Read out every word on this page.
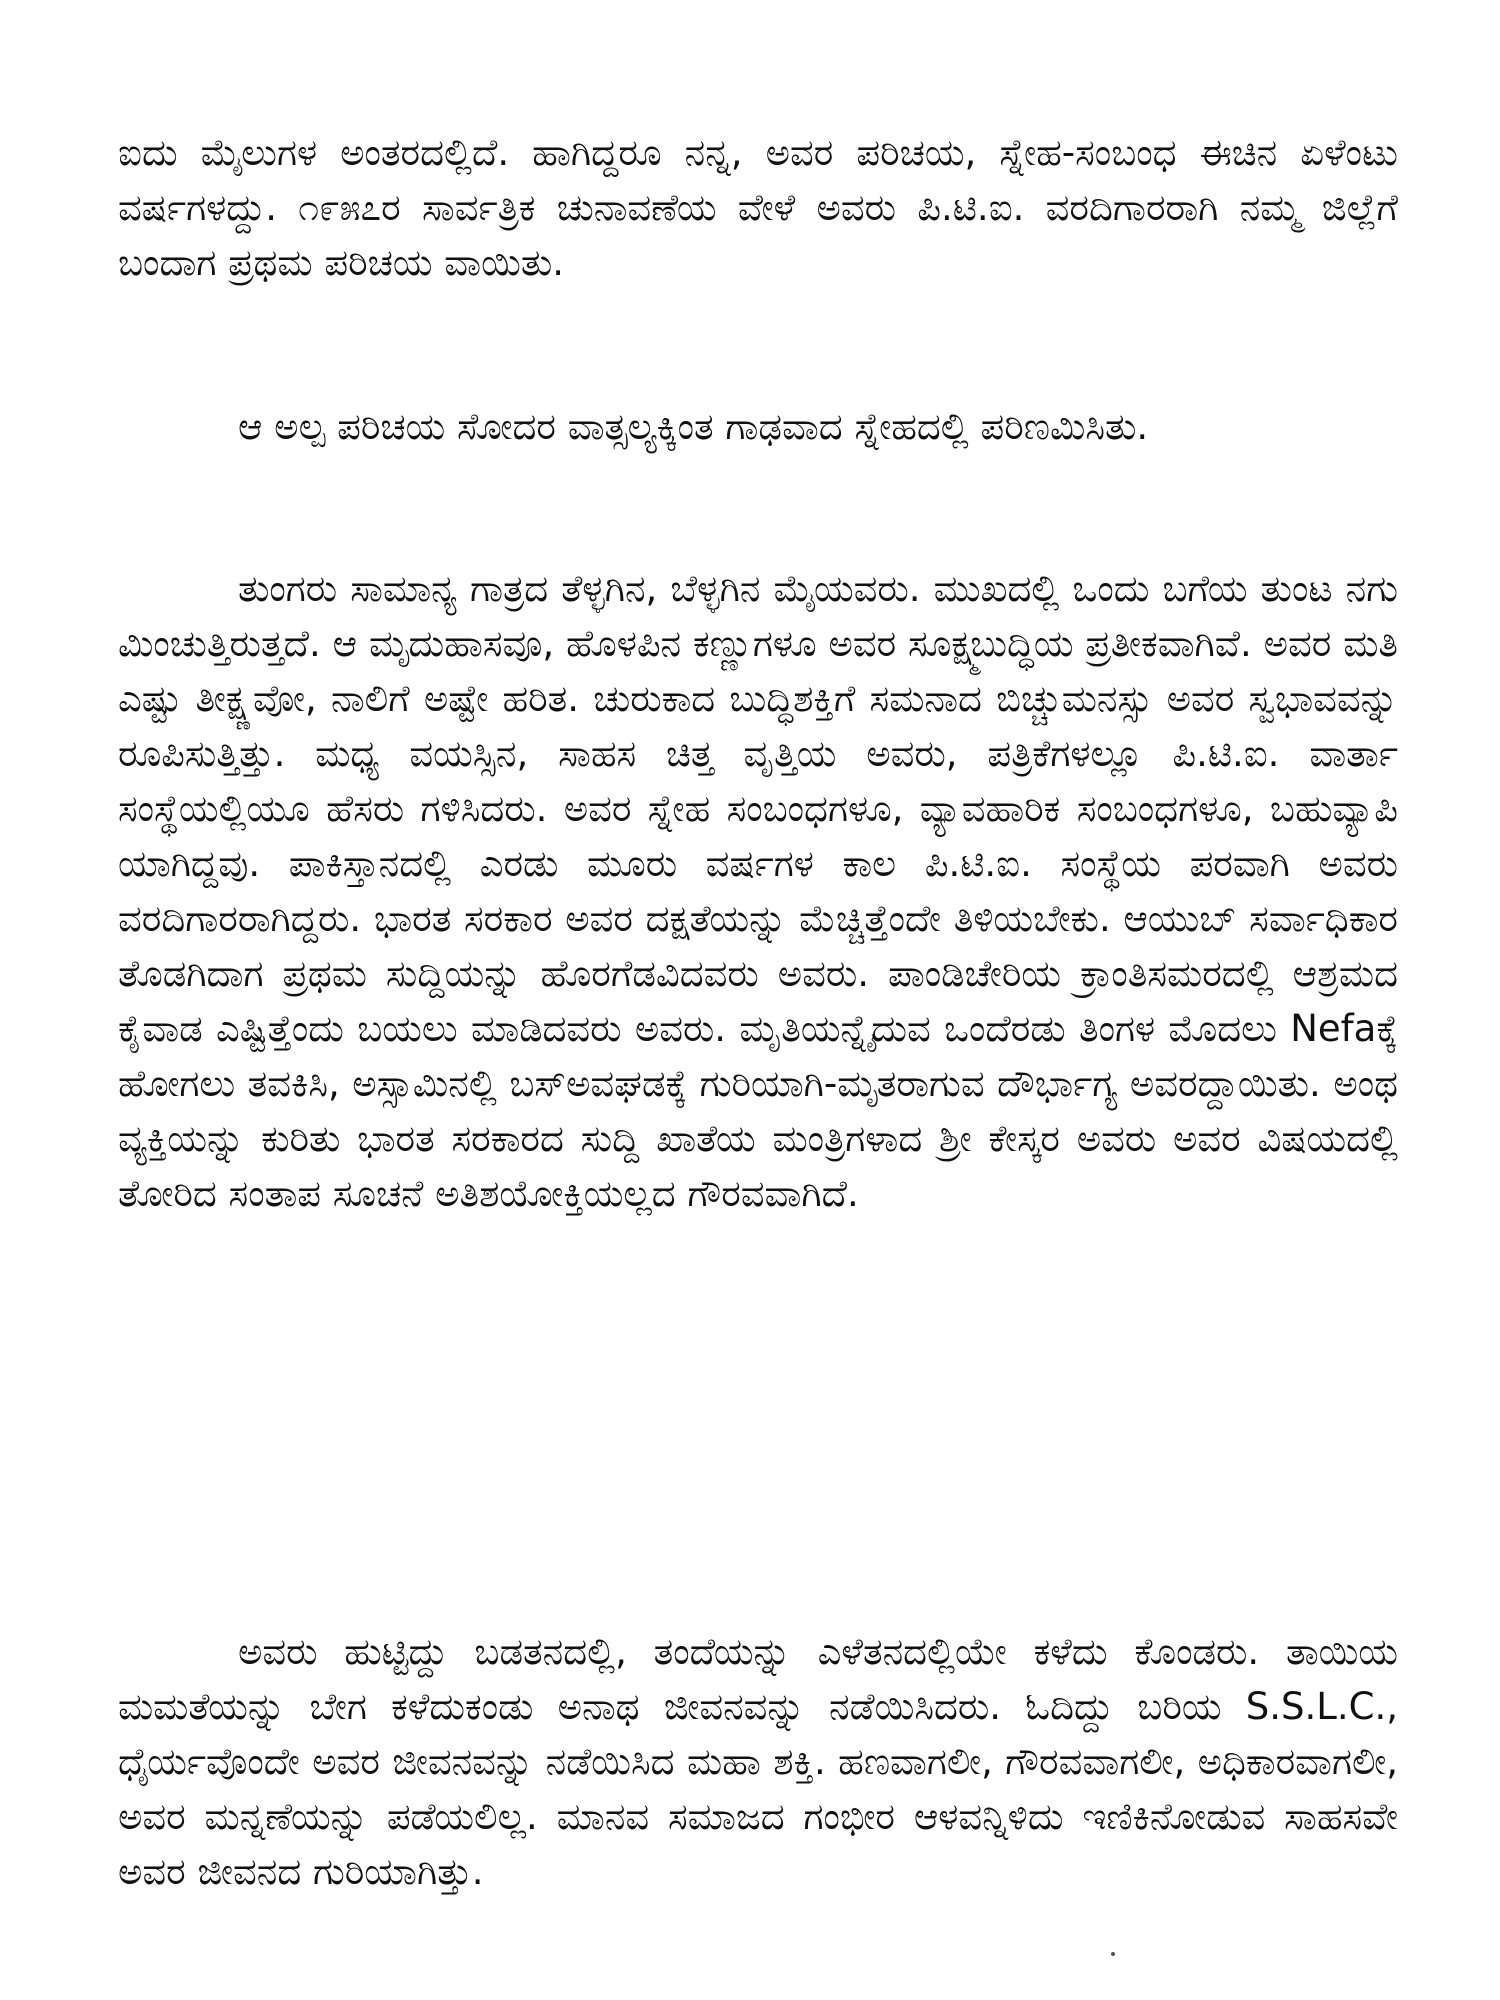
ಐದು ಮೈಲುಗಳ ಅಂತರದಲ್ಲಿದೆ. ಹಾಗಿದ್ದರೂ ನನ್ನ, ಅವರ ಪರಿಚಯ, ಸ್ನೇಹ-ಸಂಬಂಧ ಈಚಿನ ಏಳೆಂಟು ವರ್ಷಗಳದ್ದು. ೧೯೫೭ರ ಸಾರ್ವತ್ರಿಕ ಚುನಾವಣೆಯ ವೇಳೆ ಅವರು ಪಿ.ಟಿ.ಐ. ವರದಿಗಾರರಾಗಿ ನಮ್ಮ ಜಿಲ್ಲೆಗೆ ಬಂದಾಗ ಪ್ರಥಮ ಪರಿಚಯ ವಾಯಿತು.

ಆ ಅಲ್ಪ ಪರಿಚಯ ಸೋದರ ವಾತ್ಸಲ್ಯಕ್ಕಿಂತ ಗಾಢವಾದ ಸ್ನೇಹದಲ್ಲಿ ಪರಿಣಮಿಸಿತು.

ತುಂಗರು ಸಾಮಾನ್ಯ ಗಾತ್ರದ ತೆಳ್ಳಗಿನ, ಬೆಳ್ಳಗಿನ ಮೈಯವರು. ಮುಖದಲ್ಲಿ ಒಂದು ಬಗೆಯ ತುಂಟ ನಗು ಮಿಂಚುತ್ತಿರುತ್ತದೆ. ಆ ಮೃದುಹಾಸವೂ, ಹೊಳಪಿನ ಕಣ್ಣುಗಳೂ ಅವರ ಸೂಕ್ಷ್ಮಬುದ್ಧಿಯ ಪ್ರತೀಕವಾಗಿವೆ. ಅವರ ಮತಿ ಎಷ್ಟು ತೀಕ್ಷ್ಣವೋ, ನಾಲಿಗೆ ಅಷ್ಟೇ ಹರಿತ. ಚುರುಕಾದ ಬುದ್ಧಿಶಕ್ತಿಗೆ ಸಮನಾದ ಬಿಚ್ಚುಮನಸ್ಸು ಅವರ ಸ್ವಭಾವವನ್ನು ರೂಪಿಸುತ್ತಿತ್ತು. ಮಧ್ಯ ವಯಸ್ಸಿನ, ಸಾಹಸ ಚಿತ್ತ ವೃತ್ತಿಯ ಅವರು, ಪತ್ರಿಕೆಗಳಲ್ಲೂ ಪಿ.ಟಿ.ಐ. ವಾರ್ತಾ ಸಂಸ್ಥೆಯಲ್ಲಿಯೂ ಹೆಸರು ಗಳಿಸಿದರು. ಅವರ ಸ್ನೇಹ ಸಂಬಂಧಗಳೂ, ವ್ಯಾವಹಾರಿಕ ಸಂಬಂಧಗಳೂ, ಬಹುವ್ಯಾಪಿ ಯಾಗಿದ್ದವು. ಪಾಕಿಸ್ತಾನದಲ್ಲಿ ಎರಡು ಮೂರು ವರ್ಷಗಳ ಕಾಲ ಪಿ.ಟಿ.ಐ. ಸಂಸ್ಥೆಯ ಪರವಾಗಿ ಅವರು ವರದಿಗಾರರಾಗಿದ್ದರು. ಭಾರತ ಸರಕಾರ ಅವರ ದಕ್ಷತೆಯನ್ನು ಮೆಚ್ಚಿತ್ತೆಂದೇ ತಿಳಿಯಬೇಕು. ಆಯುಬ್ ಸರ್ವಾಧಿಕಾರ ತೊಡಗಿದಾಗ ಪ್ರಥಮ ಸುದ್ದಿಯನ್ನು ಹೊರಗೆಡವಿದವರು ಅವರು. ಪಾಂಡಿಚೇರಿಯ ಕ್ರಾಂತಿಸಮರದಲ್ಲಿ ಆಶ್ರಮದ ಕೈವಾಡ ಎಷ್ಟಿತ್ತೆಂದು ಬಯಲು ಮಾಡಿದವರು ಅವರು. ಮೃತಿಯನ್ನೈದುವ ಒಂದೆರಡು ತಿಂಗಳ ಮೊದಲು Nefaಕ್ಕೆ ಹೋಗಲು ತವಕಿಸಿ, ಅಸ್ಸಾಮಿನಲ್ಲಿ ಬಸ್‌ಅವಘಡಕ್ಕೆ ಗುರಿಯಾಗಿ-ಮೃತರಾಗುವ ದೌರ್ಭಾಗ್ಯ ಅವರದ್ದಾಯಿತು. ಅಂಥ ವ್ಯಕ್ತಿಯನ್ನು ಕುರಿತು ಭಾರತ ಸರಕಾರದ ಸುದ್ದಿ ಖಾತೆಯ ಮಂತ್ರಿಗಳಾದ ಶ್ರೀ ಕೇಸ್ಕರ ಅವರು ಅವರ ವಿಷಯದಲ್ಲಿ ತೋರಿದ ಸಂತಾಪ ಸೂಚನೆ ಅತಿಶಯೋಕ್ತಿಯಲ್ಲದ ಗೌರವವಾಗಿದೆ.

ಅವರು ಹುಟ್ಟಿದ್ದು ಬಡತನದಲ್ಲಿ, ತಂದೆಯನ್ನು ಎಳೆತನದಲ್ಲಿಯೇ ಕಳೆದು ಕೊಂಡರು. ತಾಯಿಯ ಮಮತೆಯನ್ನು ಬೇಗ ಕಳೆದುಕಂಡು ಅನಾಥ ಜೀವನವನ್ನು ನಡೆಯಿಸಿದರು. ಓದಿದ್ದು ಬರಿಯ S.S.L.C., ಧೈರ್ಯವೊಂದೇ ಅವರ ಜೀವನವನ್ನು ನಡೆಯಿಸಿದ ಮಹಾ ಶಕ್ತಿ. ಹಣವಾಗಲೀ, ಗೌರವವಾಗಲೀ, ಅಧಿಕಾರವಾಗಲೀ, ಅವರ ಮನ್ನಣೆಯನ್ನು ಪಡೆಯಲಿಲ್ಲ. ಮಾನವ ಸಮಾಜದ ಗಂಭೀರ ಆಳವನ್ನಿಳಿದು ಇಣಿಕಿನೋಡುವ ಸಾಹಸವೇ ಅವರ ಜೀವನದ ಗುರಿಯಾಗಿತ್ತು.
